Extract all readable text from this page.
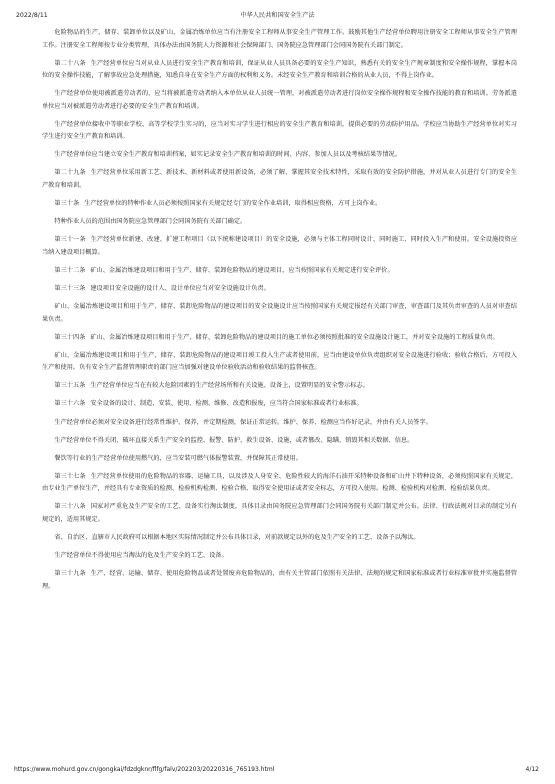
2022/8/11	中华人民共和国安全生产法

危险物品的生产、储存、装卸单位以及矿山、金属冶炼单位应当有注册安全工程师从事安全生产管理工作。鼓励其他生产经营单位聘用注册安全工程师从事安全生产管理工作。注册安全工程师按专业分类管理，具体办法由国务院人力资源和社会保障部门、国务院应急管理部门会同国务院有关部门制定。

第二十八条 生产经营单位应当对从业人员进行安全生产教育和培训，保证从业人员具备必要的安全生产知识，熟悉有关的安全生产规章制度和安全操作规程，掌握本岗位的安全操作技能，了解事故应急处理措施，知悉自身在安全生产方面的权利和义务。未经安全生产教育和培训合格的从业人员，不得上岗作业。

生产经营单位使用被派遣劳动者的，应当将被派遣劳动者纳入本单位从业人员统一管理，对被派遣劳动者进行岗位安全操作规程和安全操作技能的教育和培训。劳务派遣单位应当对被派遣劳动者进行必要的安全生产教育和培训。

生产经营单位接收中等职业学校、高等学校学生实习的，应当对实习学生进行相应的安全生产教育和培训，提供必要的劳动防护用品。学校应当协助生产经营单位对实习学生进行安全生产教育和培训。

生产经营单位应当建立安全生产教育和培训档案，如实记录安全生产教育和培训的时间、内容、参加人员以及考核结果等情况。

第二十九条 生产经营单位采用新工艺、新技术、新材料或者使用新设备，必须了解、掌握其安全技术特性，采取有效的安全防护措施，并对从业人员进行专门的安全生产教育和培训。

第三十条 生产经营单位的特种作业人员必须按照国家有关规定经专门的安全作业培训，取得相应资格，方可上岗作业。

特种作业人员的范围由国务院应急管理部门会同国务院有关部门确定。

第三十一条 生产经营单位新建、改建、扩建工程项目（以下统称建设项目）的安全设施，必须与主体工程同时设计、同时施工、同时投入生产和使用。安全设施投资应当纳入建设项目概算。

第三十二条 矿山、金属冶炼建设项目和用于生产、储存、装卸危险物品的建设项目，应当按照国家有关规定进行安全评价。

第三十三条 建设项目安全设施的设计人、设计单位应当对安全设施设计负责。

矿山、金属冶炼建设项目和用于生产、储存、装卸危险物品的建设项目的安全设施设计应当按照国家有关规定报经有关部门审查，审查部门及其负责审查的人员对审查结果负责。

第三十四条 矿山、金属冶炼建设项目和用于生产、储存、装卸危险物品的建设项目的施工单位必须按照批准的安全设施设计施工，并对安全设施的工程质量负责。

矿山、金属冶炼建设项目和用于生产、储存、装卸危险物品的建设项目竣工投入生产或者使用前，应当由建设单位负责组织对安全设施进行验收；验收合格后，方可投入生产和使用。负有安全生产监督管理职责的部门应当加强对建设单位验收活动和验收结果的监督核查。

第三十五条 生产经营单位应当在有较大危险因素的生产经营场所和有关设施、设备上，设置明显的安全警示标志。

第三十六条 安全设备的设计、制造、安装、使用、检测、维修、改造和报废，应当符合国家标准或者行业标准。

生产经营单位必须对安全设备进行经常性维护、保养，并定期检测，保证正常运转。维护、保养、检测应当作好记录，并由有关人员签字。

生产经营单位不得关闭、破坏直接关系生产安全的监控、报警、防护、救生设备、设施，或者篡改、隐瞒、销毁其相关数据、信息。

餐饮等行业的生产经营单位使用燃气的，应当安装可燃气体报警装置，并保障其正常使用。

第三十七条 生产经营单位使用的危险物品的容器、运输工具，以及涉及人身安全、危险性较大的海洋石油开采特种设备和矿山井下特种设备，必须按照国家有关规定，由专业生产单位生产，并经具有专业资质的检测、检验机构检测、检验合格，取得安全使用证或者安全标志，方可投入使用。检测、检验机构对检测、检验结果负责。

第三十八条 国家对严重危及生产安全的工艺、设备实行淘汰制度，具体目录由国务院应急管理部门会同国务院有关部门制定并公布。法律、行政法规对目录的制定另有规定的，适用其规定。

省、自治区、直辖市人民政府可以根据本地区实际情况制定并公布具体目录，对前款规定以外的危及生产安全的工艺、设备予以淘汰。

生产经营单位不得使用应当淘汰的危及生产安全的工艺、设备。

第三十九条 生产、经营、运输、储存、使用危险物品或者处置废弃危险物品的，由有关主管部门依照有关法律、法规的规定和国家标准或者行业标准审批并实施监督管理。

https://www.mohurd.gov.cn/gongkai/fdzdgknr/flfg/falv/202203/20220316_765193.html	4/12
